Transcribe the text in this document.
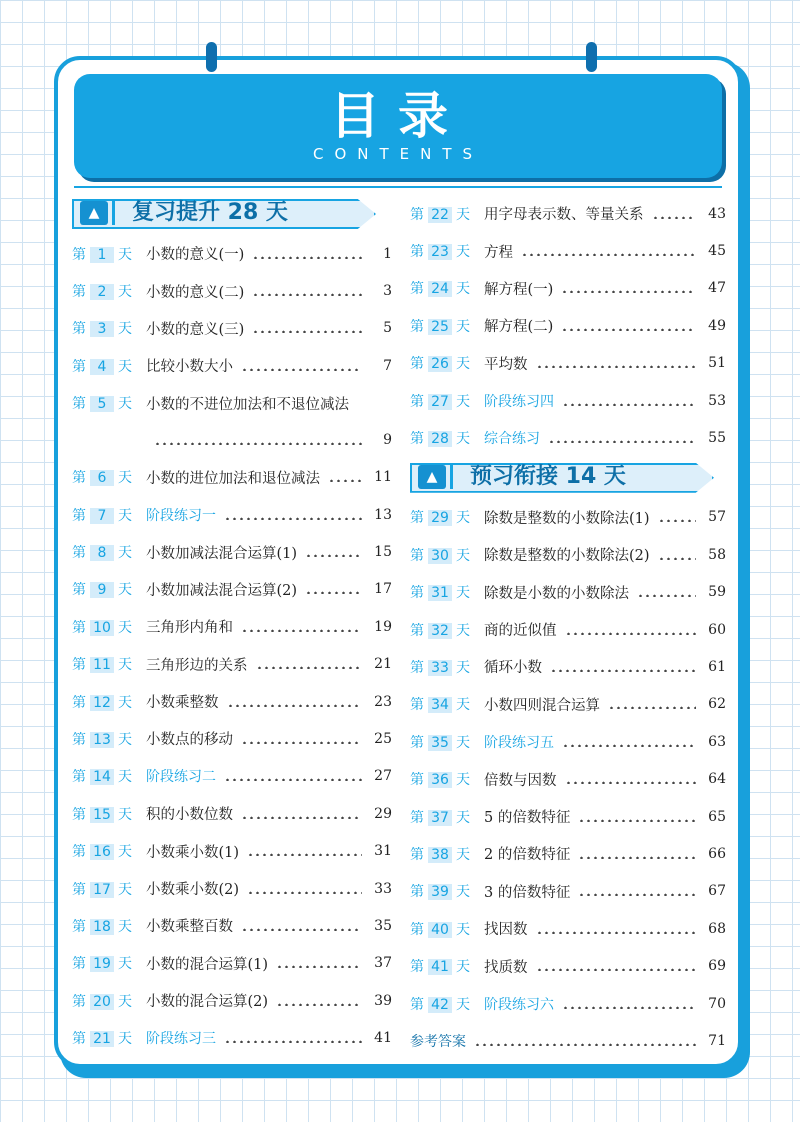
目录
CONTENTS
▲	复习提升 28 天
第 1 天 小数的意义(一)	1
第 2 天 小数的意义(二)	3
第 3 天 小数的意义(三)	5
第 4 天 比较小数大小	7
第 5 天 小数的不进位加法和不退位减法
9
第 6 天 小数的进位加法和退位减法	11
第 7 天	阶段练习一	13
第 8 天 小数加减法混合运算(1)	15
第 9 天 小数加减法混合运算(2)	17
第 10 天 三角形内角和	19
第 11 天 三角形边的关系	21
第 12 天 小数乘整数	23
第 13 天 小数点的移动	25
第 14 天	阶段练习二	27
第 15 天 积的小数位数	29
第 16 天 小数乘小数(1)	31
第 17 天 小数乘小数(2)	33
第 18 天 小数乘整百数	35
第 19 天 小数的混合运算(1)	37
第 20 天 小数的混合运算(2)	39
第 21 天	阶段练习三	41
第 22 天 用字母表示数、等量关系	43
第 23 天 方程	45
第 24 天 解方程(一)	47
第 25 天 解方程(二)	49
第 26 天 平均数	51
第 27 天	阶段练习四	53
第 28 天	综合练习	55
▲	预习衔接 14 天
第 29 天 除数是整数的小数除法(1)	57
第 30 天 除数是整数的小数除法(2)	58
第 31 天 除数是小数的小数除法	59
第 32 天 商的近似值	60
第 33 天 循环小数	61
第 34 天 小数四则混合运算	62
第 35 天	阶段练习五	63
第 36 天 倍数与因数	64
第 37 天 5 的倍数特征	65
第 38 天 2 的倍数特征	66
第 39 天 3 的倍数特征	67
第 40 天 找因数	68
第 41 天 找质数	69
第 42 天	阶段练习六	70
参考答案	71
